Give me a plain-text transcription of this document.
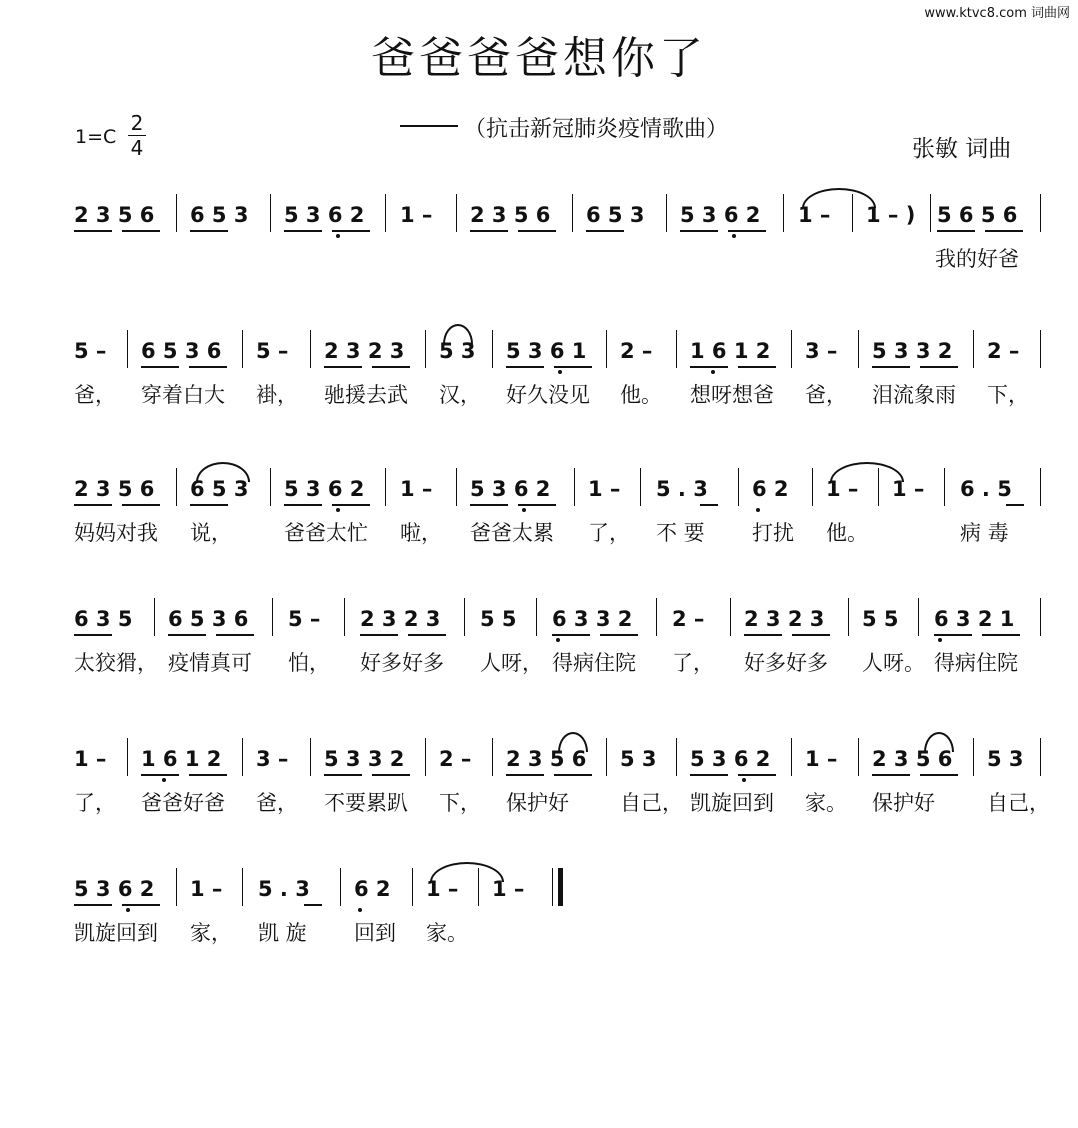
www.ktvc8.com 词曲网
爸爸爸爸想你了
1=C
2
4
（抗击新冠肺炎疫情歌曲）
张敏 词曲
2 3 5 6 6 5 3 5 3 6 2 1 – 2 3 5 6 6 5 3 5 3 6 2 1 – 1 – ) 5 6 5 6

我的好爸

5 – 6 5 3 6 5 – 2 3 2 3 5 3 5 3 6 1 2 – 1 6 1 2 3 – 5 3 3 2 2 –

爸，

穿着白大

褂，

驰援去武

汉，

好久没见

他。

想呀想爸

爸，

泪流象雨

下，

2 3 5 6 6 5 3 5 3 6 2 1 – 5 3 6 2 1 – 5 . 3 6 2 1 – 1 – 6 . 5

妈妈对我

说，

爸爸太忙

啦，

爸爸太累

了，

不 要

打扰

他。

	病 毒

6 3 5 6 5 3 6 5 – 2 3 2 3 5 5 6 3 3 2 2 – 2 3 2 3 5 5 6 3 2 1

太狡猾，

疫情真可

怕，

好多好多

人呀，

得病住院

了，

好多好多

人呀。

得病住院

1 – 1 6 1 2 3 – 5 3 3 2 2 – 2 3 5 6 5 3 5 3 6 2 1 – 2 3 5 6 5 3

了，

爸爸好爸

爸，

不要累趴

下，

保护好

自己，

凯旋回到

家。

保护好

自己，

5 3 6 2 1 – 5 . 3 6 2 1 – 1 –

凯旋回到

家，

凯 旋

回到

家。
